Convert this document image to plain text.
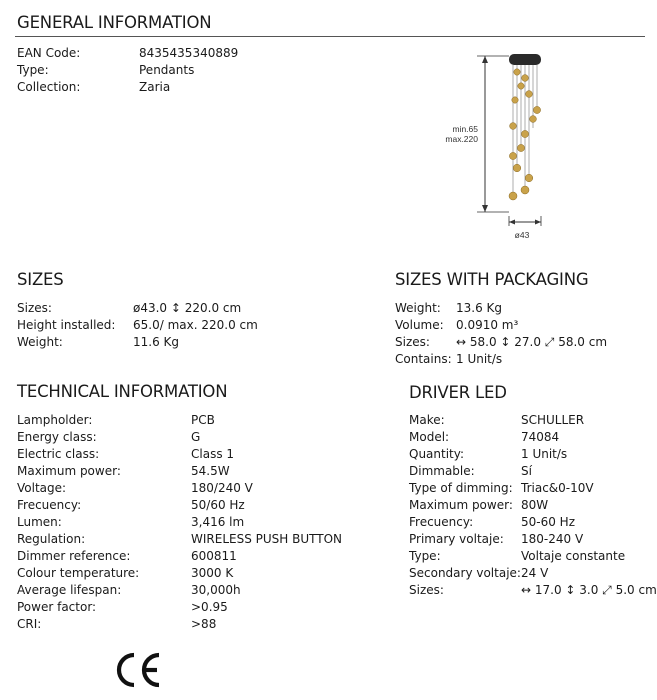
GENERAL INFORMATION
EAN Code:	8435435340889
Type:	Pendants
Collection:	Zaria
min.65
max.220
ø43
SIZES
Sizes:	ø43.0 ↕ 220.0 cm
Height installed:	65.0/ max. 220.0 cm
Weight:	11.6 Kg
SIZES WITH PACKAGING
Weight:	13.6 Kg
Volume:	0.0910 m³
Sizes:	↔ 58.0 ↕ 27.0 ⤢ 58.0 cm
Contains: 1 Unit/s
TECHNICAL INFORMATION
Lampholder:	PCB
Energy class:	G
Electric class:	Class 1
Maximum power:	54.5W
Voltage:	180/240 V
Frecuency:	50/60 Hz
Lumen:	3,416 lm
Regulation:	WIRELESS PUSH BUTTON
Dimmer reference:	600811
Colour temperature:	3000 K
Average lifespan:	30,000h
Power factor:	>0.95
CRI:	>88
DRIVER LED
Make:	SCHULLER
Model:	74084
Quantity:	1 Unit/s
Dimmable:	Sí
Type of dimming: Triac&0-10V
Maximum power: 80W
Frecuency:	50-60 Hz
Primary voltaje:	180-240 V
Type:	Voltaje constante
Secondary voltaje: 24 V
Sizes:	↔ 17.0 ↕ 3.0 ⤢ 5.0 cm
